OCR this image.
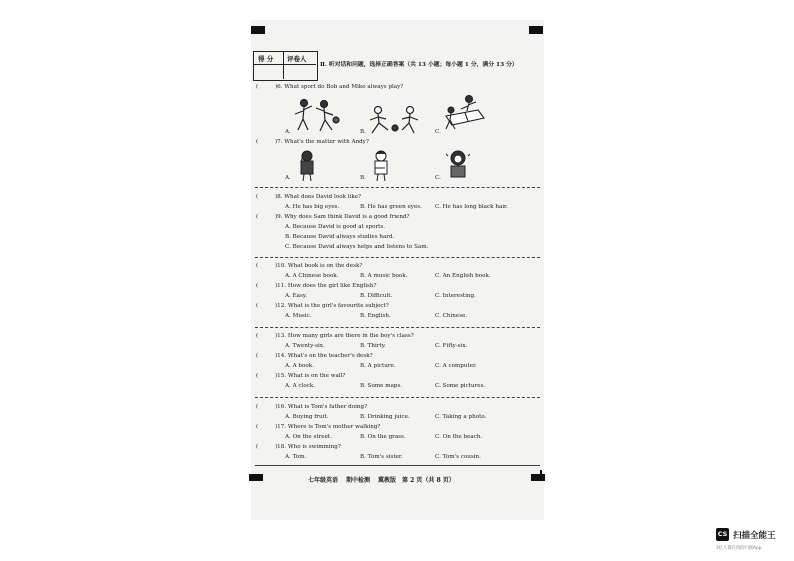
得 分 评卷人
Ⅱ. 听对话和问题，选择正确答案（共 13 小题；每小题 1 分，满分 13 分）
(	)6. What sport do Bob and Mike always play?
A.	B.	C.
(	)7. What's the matter with Andy?
A.	B.	C.
(	)8. What does David look like?
A. He has big eyes.	B. He has green eyes. C. He has long black hair.
(	)9. Why does Sam think David is a good friend?
A. Because David is good at sports.
B. Because David always studies hard.
C. Because David always helps and listens to Sam.
(	)10. What book is on the desk?
A. A Chinese book.	B. A music book.	C. An English book.
(	)11. How does the girl like English?
A. Easy.	B. Difficult.	C. Interesting.
(	)12. What is the girl's favourite subject?
A. Music.	B. English.	C. Chinese.
(	)13. How many girls are there in the boy's class?
A. Twenty-six.	B. Thirty.	C. Fifty-six.
(	)14. What's on the teacher's desk?
A. A book.	B. A picture.	C. A computer.
(	)15. What is on the wall?
A. A clock.	B. Some maps.	C. Some pictures.
(	)16. What is Tom's father doing?
A. Buying fruit.	B. Drinking juice.	C. Taking a photo.
(	)17. Where is Tom's mother walking?
A. On the street.	B. On the grass.	C. On the beach.
(	)18. Who is swimming?
A. Tom.	B. Tom's sister.	C. Tom's cousin.
七年级英语 期中检测 冀教版 第 2 页（共 8 页）
CS 扫描全能王
3亿人都在用的扫描App
